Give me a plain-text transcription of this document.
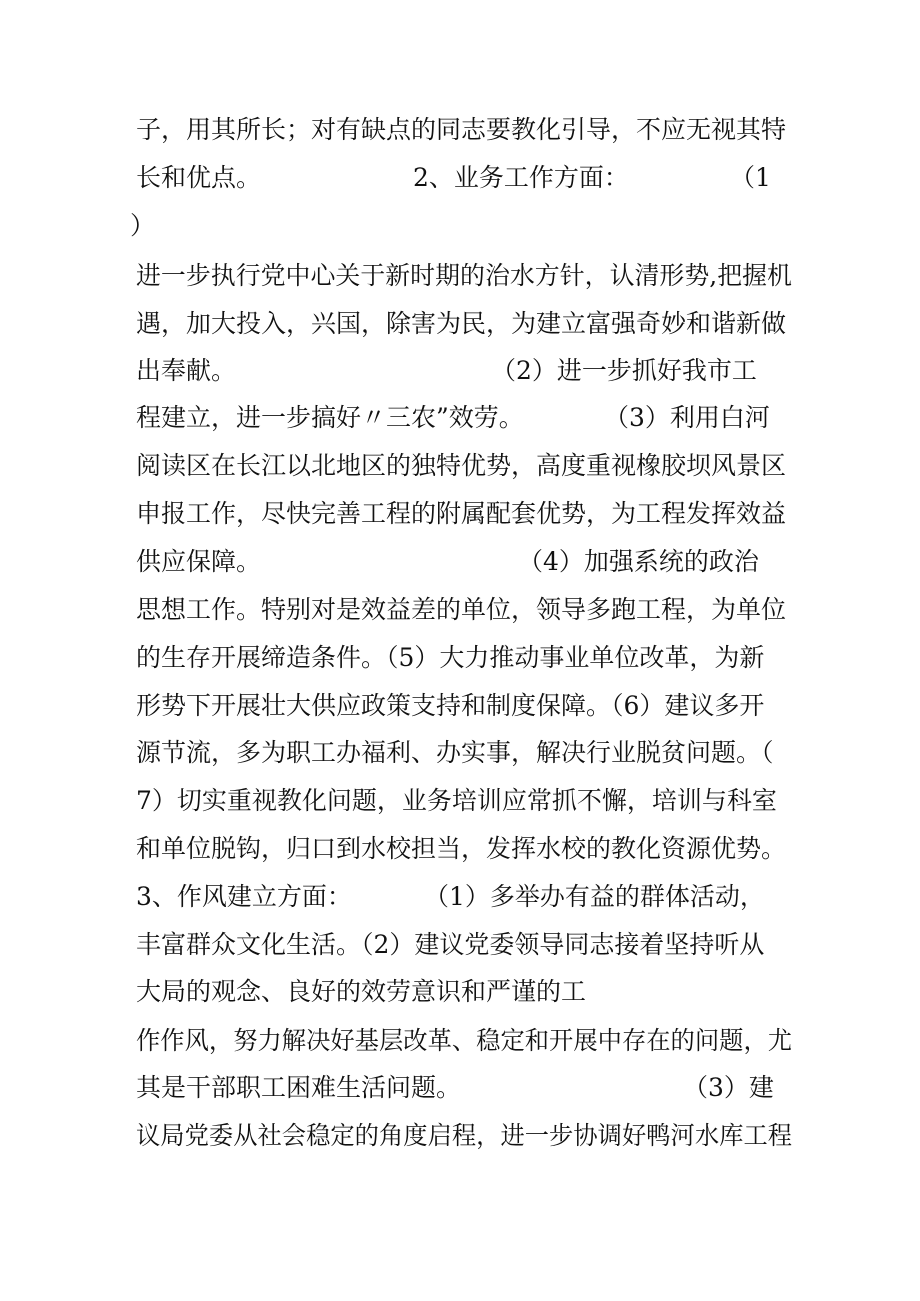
子，用其所长；对有缺点的同志要教化引导，不应无视其特

长和优点。

	2、业务工作方面：

	（1

）

进一步执行党中心关于新时期的治水方针，认清形势,把握机

遇，加大投入，兴国，除害为民，为建立富强奇妙和谐新做

出奉献。

	（2）进一步抓好我市工

程建立，进一步搞好〃三农”效劳。

	（3）利用白河

阅读区在长江以北地区的独特优势，高度重视橡胶坝风景区

申报工作，尽快完善工程的附属配套优势，为工程发挥效益

供应保障。

	（4）加强系统的政治

思想工作。特别对是效益差的单位，领导多跑工程，为单位

的生存开展缔造条件。（5）大力推动事业单位改革，为新

形势下开展壮大供应政策支持和制度保障。（6）建议多开

源节流，多为职工办福利、办实事，解决行业脱贫问题。（

7）切实重视教化问题，业务培训应常抓不懈，培训与科室

和单位脱钩，归口到水校担当，发挥水校的教化资源优势。

3、作风建立方面：

	（1）多举办有益的群体活动，

丰富群众文化生活。（2）建议党委领导同志接着坚持听从

大局的观念、良好的效劳意识和严谨的工

作作风，努力解决好基层改革、稳定和开展中存在的问题，尤

其是干部职工困难生活问题。

	（3）建

议局党委从社会稳定的角度启程，进一步协调好鸭河水库工程
